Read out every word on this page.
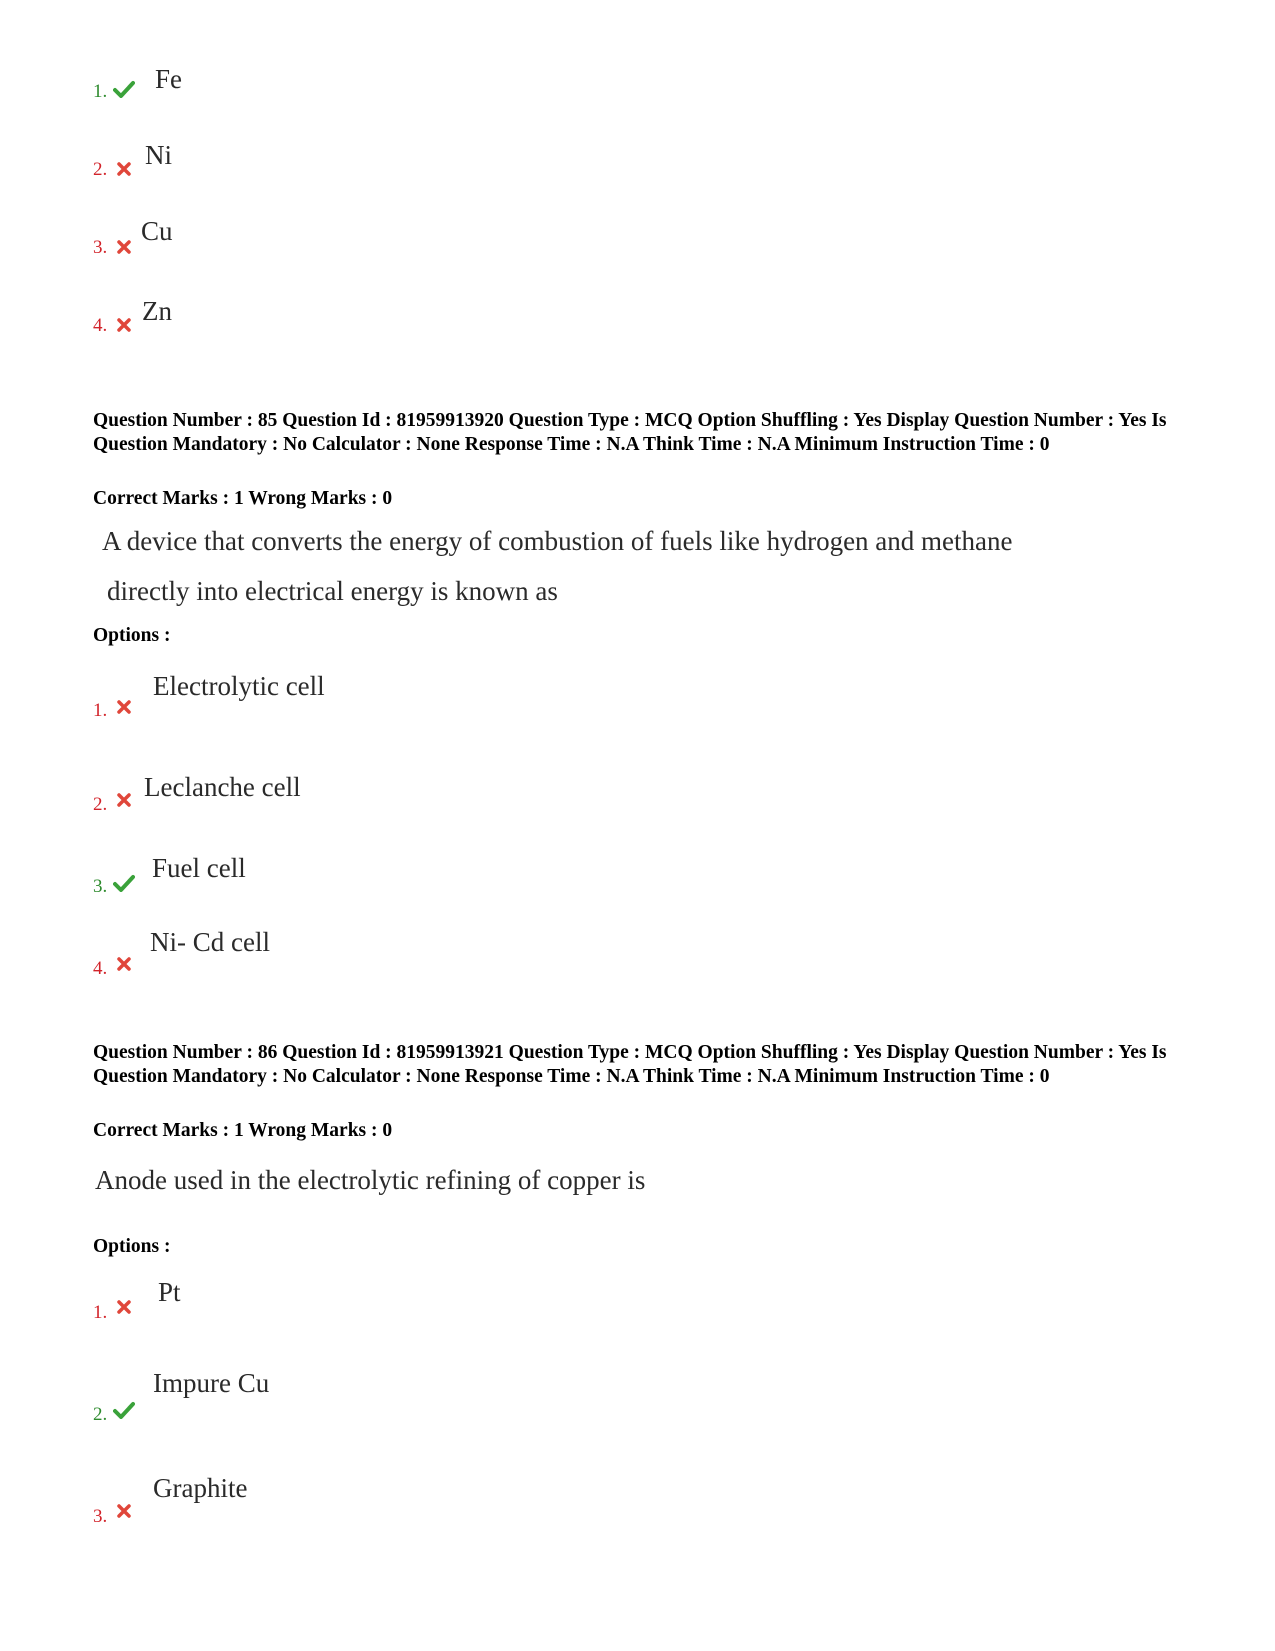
1. Fe
2. Ni
3.
Cu
4. Zn
Question Number : 85 Question Id : 81959913920 Question Type : MCQ Option Shuffling : Yes Display Question Number : Yes Is Question Mandatory : No Calculator : None Response Time : N.A Think Time : N.A Minimum Instruction Time : 0
Correct Marks : 1 Wrong Marks : 0
A device that converts the energy of combustion of fuels like hydrogen and methane
directly into electrical energy is known as
Options :
1.
Electrolytic cell
2.
Leclanche cell
3.
Fuel cell
4.
Ni- Cd cell
Question Number : 86 Question Id : 81959913921 Question Type : MCQ Option Shuffling : Yes Display Question Number : Yes Is Question Mandatory : No Calculator : None Response Time : N.A Think Time : N.A Minimum Instruction Time : 0
Correct Marks : 1 Wrong Marks : 0
Anode used in the electrolytic refining of copper is
Options :
1.
Pt
2.
Impure Cu
3.
Graphite
